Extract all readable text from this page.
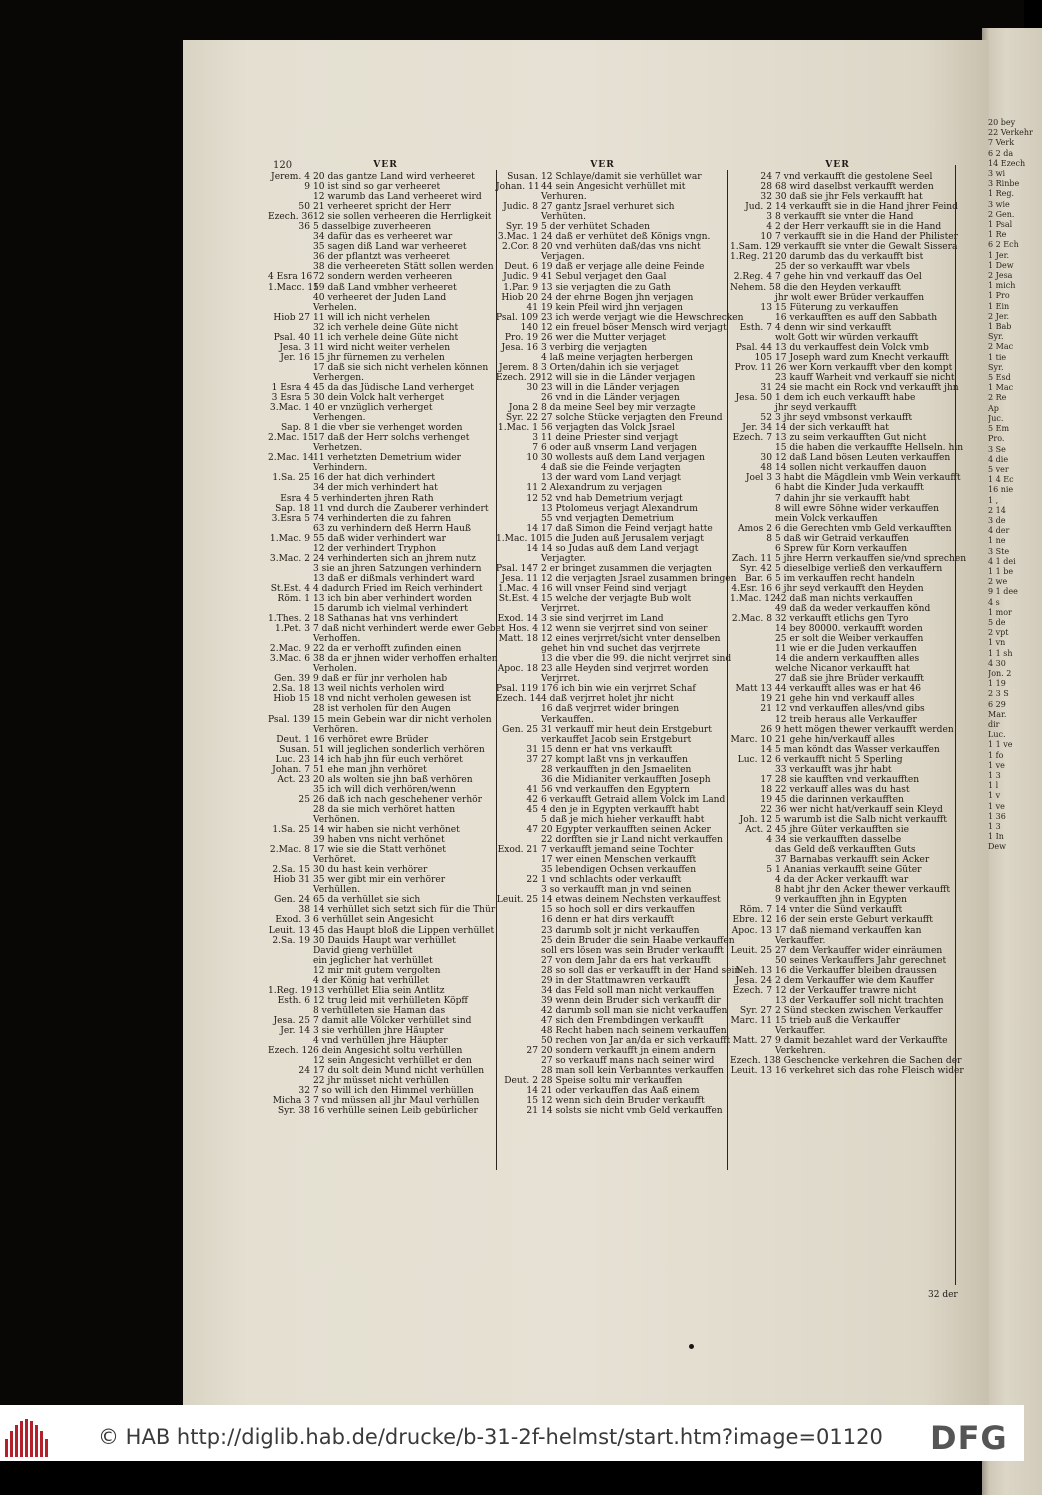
20 bey
22 Verkehr
7 Verk
6 2 da
14 Ezech
3 wi
3 Rinbe
1 Reg.
3 wie
2 Gen.
1 Psal
1 Re
6 2 Ech
1 Jer.
1 Dew
2 Jesa
1 mich
1 Pro
1 Ein
2 Jer.
1 Bab
Syr.
2 Mac
1 tie
Syr.
5 Esd
1 Mac
2 Re
Ap
Juc.
5 Em
Pro.
3 Se
4 die
5 ver
1 4 Ec
16 nie
1 ,
2 14
3 de
4 der
1 ne
3 Ste
4 1 dei
1 1 be
2 we
9 1 dee
4 s
1 mor
5 de
2 vpt
1 vn
1 1 sh
4 30
Jon. 2
1 19
2 3 S
6 29
Mar.
dir
Luc.
1 1 ve
1 fo
1 ve
1 3
1 l
1 v
1 ve
1 36
1 3
1 In
Dew
120	VER
Jerem. 4 20 das gantze Land wird verheeret
9 10 ist sind so gar verheeret
12 warumb das Land verheeret wird
50 21 verheeret spricht der Herr
Ezech. 36 12 sie sollen verheeren die Herrligkeit
36 5 dasselbige zuverheeren
34 dafür das es verheeret war
35 sagen diß Land war verheeret
36 der pflantzt was verheeret
38 die verheereten Stätt sollen werden
4 Esra 16 72 sondern werden verheeren
1.Macc. 15
19 daß Land vmbher verheeret
40 verheeret der Juden Land
Verhelen.
Hiob 27 11 will ich nicht verhelen
32 ich verhele deine Güte nicht
Psal. 40 11 ich verhele deine Güte nicht
Jesa. 3 11 wird nicht weiter verhelen
Jer. 16 15 jhr fürnemen zu verhelen
17 daß sie sich nicht verhelen können
Verhergen.
1 Esra 4 45 da das Jüdische Land verherget
3 Esra 5 30 dein Volck halt verherget
3.Mac. 1 40 er vnzüglich verherget
Verhengen.
Sap. 8 1 die vber sie verhenget worden
2.Mac. 15 17 daß der Herr solchs verhenget
Verhetzen.
2.Mac. 14 11 verhetzten Demetrium wider
Verhindern.
1.Sa. 25 16 der hat dich verhindert
34 der mich verhindert hat
Esra 4 5 verhinderten jhren Rath
Sap. 18 11 vnd durch die Zauberer verhindert
3.Esra 5 74 verhinderten die zu fahren
63 zu verhindern deß Herrn Hauß
1.Mac. 9 55 daß wider verhindert war
12 der verhindert Tryphon
3.Mac. 2 24 verhinderten sich an jhrem nutz
3 sie an jhren Satzungen verhindern
13 daß er dißmals verhindert ward
St.Est. 4 4 dadurch Fried im Reich verhindert
Röm. 1 13 ich bin aber verhindert worden
15 darumb ich vielmal verhindert
1.Thes. 2 18 Sathanas hat vns verhindert
1.Pet. 3 7 daß nicht verhindert werde ewer Gebet
Verhoffen.
2.Mac. 9 22 da er verhofft zufinden einen
3.Mac. 6 38 da er jhnen wider verhoffen erhalten
Verholen.
Gen. 39 9 daß er für jnr verholen hab
2.Sa. 18 13 weil nichts verholen wird
Hiob 15 18 vnd nicht verholen gewesen ist
28 ist verholen für den Augen
Psal. 139 15 mein Gebein war dir nicht verholen
Verhören.
Deut. 1 16 verhöret ewre Brüder
Susan. 51 will jeglichen sonderlich verhören
Luc. 23 14 ich hab jhn für euch verhöret
Johan. 7 51 ehe man jhn verhöret
Act. 23 20 als wolten sie jhn baß verhören
35 ich will dich verhören/wenn
25 26 daß ich nach geschehener verhör
28 da sie mich verhöret hatten
Verhönen.
1.Sa. 25 14 wir haben sie nicht verhönet
39 haben vns nicht verhönet
2.Mac. 8 17 wie sie die Statt verhönet
Verhöret.
2.Sa. 15 30 du hast kein verhörer
Hiob 31 35 wer gibt mir ein verhörer
Verhüllen.
Gen. 24 65 da verhüllet sie sich
38 14 verhüllet sich setzt sich für die Thür
Exod. 3 6 verhüllet sein Angesicht
Leuit. 13 45 das Haupt bloß die Lippen verhüllet
2.Sa. 19 30 Dauids Haupt war verhüllet
David gieng verhüllet
ein jeglicher hat verhüllet
12 mir mit gutem vergolten
4 der König hat verhüllet
1.Reg. 19 13 verhüllet Elia sein Antlitz
Esth. 6 12 trug leid mit verhülleten Köpff
8 verhülleten sie Haman das
Jesa. 25 7 damit alle Völcker verhüllet sind
Jer. 14 3 sie verhüllen jhre Häupter
4 vnd verhüllen jhre Häupter
Ezech. 12 6 dein Angesicht soltu verhüllen
12 sein Angesicht verhüllet er den
24 17 du solt dein Mund nicht verhüllen
22 jhr müsset nicht verhüllen
32 7 so will ich den Himmel verhüllen
Micha 3 7 vnd müssen all jhr Maul verhüllen
Syr. 38 16 verhülle seinen Leib gebürlicher
VER
Susan. 12 Schlaye/damit sie verhüllet war
Johan. 11 44 sein Angesicht verhüllet mit
Verhuren.
Judic. 8 27 gantz Jsrael verhuret sich
Verhüten.
Syr. 19 5 der verhütet Schaden
3.Mac. 1 24 daß er verhütet deß Königs vngn.
2.Cor. 8 20 vnd verhüten daß/das vns nicht
Verjagen.
Deut. 6 19 daß er verjage alle deine Feinde
Judic. 9 41 Sebul verjaget den Gaal
1.Par. 9 13 sie verjagten die zu Gath
Hiob 20 24 der ehrne Bogen jhn verjagen
41 19 kein Pfeil wird jhn verjagen
Psal. 109 23 ich werde verjagt wie die Hewschrecken
140 12 ein freuel böser Mensch wird verjagt
Pro. 19 26 wer die Mutter verjaget
Jesa. 16 3 verbirg die verjagten
4 laß meine verjagten herbergen
Jerem. 8 3 Orten/dahin ich sie verjaget
Ezech. 29 12 will sie in die Länder verjagen
30 23 will in die Länder verjagen
26 vnd in die Länder verjagen
Jona 2 8 da meine Seel bey mir verzagte
Syr. 22 27 solche Stücke verjagten den Freund
1.Mac. 1 56 verjagten das Volck Jsrael
3 11 deine Priester sind verjagt
7 6 oder auß vnserm Land verjagen
10 30 wollests auß dem Land verjagen
4 daß sie die Feinde verjagten
13 der ward vom Land verjagt
11 2 Alexandrum zu verjagen
12 52 vnd hab Demetrium verjagt
13 Ptolomeus verjagt Alexandrum
55 vnd verjagten Demetrium
14 17 daß Simon die Feind verjagt hatte
1.Mac. 10 15 die Juden auß Jerusalem verjagt
14 14 so Judas auß dem Land verjagt
Verjagter.
Psal. 147 2 er bringet zusammen die verjagten
Jesa. 11 12 die verjagten Jsrael zusammen bringen
1.Mac. 4 16 will vnser Feind sind verjagt
St.Est. 4 15 welche der verjagte Bub wolt
Verjrret.
Exod. 14 3 sie sind verjrret im Land
Hos. 4 12 wenn sie verjrret sind von seiner
Matt. 18 12 eines verjrret/sicht vnter denselben
gehet hin vnd suchet das verjrrete
13 die vber die 99. die nicht verjrret sind
Apoc. 18 23 alle Heyden sind verjrret worden
Verjrret.
Psal. 119 176 ich bin wie ein verjrret Schaf
Ezech. 14 4 daß verjrret holet jhr nicht
16 daß verjrret wider bringen
Verkauffen.
Gen. 25 31 verkauff mir heut dein Erstgeburt
verkauffet Jacob sein Erstgeburt
31 15 denn er hat vns verkaufft
37 27 kompt laßt vns jn verkauffen
28 verkaufften jn den Jsmaeliten
36 die Midianiter verkaufften Joseph
41 56 vnd verkauffen den Egyptern
42 6 verkaufft Getraid allem Volck im Land
45 4 den je in Egypten verkaufft habt
5 daß je mich hieher verkaufft habt
47 20 Egypter verkaufften seinen Acker
22 dorfften sie jr Land nicht verkauffen
Exod. 21 7 verkaufft jemand seine Tochter
17 wer einen Menschen verkaufft
35 lebendigen Ochsen verkauffen
22 1 vnd schlachts oder verkaufft
3 so verkaufft man jn vnd seinen
Leuit. 25 14 etwas deinem Nechsten verkauffest
15 so hoch soll er dirs verkauffen
16 denn er hat dirs verkaufft
23 darumb solt jr nicht verkauffen
25 dein Bruder die sein Haabe verkauffen
soll ers lösen was sein Bruder verkaufft
27 von dem Jahr da ers hat verkaufft
28 so soll das er verkaufft in der Hand sein
29 in der Stattmawren verkaufft
34 das Feld soll man nicht verkauffen
39 wenn dein Bruder sich verkaufft dir
42 darumb soll man sie nicht verkauffen
47 sich den Frembdingen verkaufft
48 Recht haben nach seinem verkauffen
50 rechen von Jar an/da er sich verkaufft
27 20 sondern verkaufft jn einem andern
27 so verkauff mans nach seiner wird
28 man soll kein Verbanntes verkauffen
Deut. 2 28 Speise soltu mir verkauffen
14 21 oder verkauffen das Aaß einem
15 12 wenn sich dein Bruder verkaufft
21 14 solsts sie nicht vmb Geld verkauffen
VER
24 7 vnd verkaufft die gestolene Seel
28 68 wird daselbst verkaufft werden
32 30 daß sie jhr Fels verkaufft hat
Jud. 2 14 verkaufft sie in die Hand jhrer Feind
3 8 verkaufft sie vnter die Hand
4 2 der Herr verkaufft sie in die Hand
10 7 verkaufft sie in die Hand der Philister
1.Sam. 12
9 verkaufft sie vnter die Gewalt Sissera
1.Reg. 21 20 darumb das du verkaufft bist
25 der so verkaufft war vbels
2.Reg. 4 7 gehe hin vnd verkauff das Oel
Nehem. 5 8 die den Heyden verkaufft
jhr wolt ewer Brüder verkauffen
13 15 Füterung zu verkauffen
16 verkaufften es auff den Sabbath
Esth. 7 4 denn wir sind verkaufft
wolt Gott wir würden verkaufft
Psal. 44 13 du verkauffest dein Volck vmb
105 17 Joseph ward zum Knecht verkaufft
Prov. 11 26 wer Korn verkaufft vber den kompt
23 kauff Warheit vnd verkauff sie nicht
31 24 sie macht ein Rock vnd verkaufft jhn
Jesa. 50 1 dem ich euch verkaufft habe
jhr seyd verkaufft
52 3 jhr seyd vmbsonst verkaufft
Jer. 34 14 der sich verkaufft hat
Ezech. 7 13 zu seim verkaufften Gut nicht
15 die haben die verkauffte Hellseln. hin
30 12 daß Land bösen Leuten verkauffen
48 14 sollen nicht verkauffen dauon
Joel 3 3 habt die Mägdlein vmb Wein verkaufft
6 habt die Kinder Juda verkaufft
7 dahin jhr sie verkaufft habt
8 will ewre Söhne wider verkauffen
mein Volck verkauffen
Amos 2 6 die Gerechten vmb Geld verkaufften
8 5 daß wir Getraid verkauffen
6 Sprew für Korn verkauffen
Zach. 11 5 jhre Herrn verkauffen sie/vnd sprechen
Syr. 42 5 dieselbige verließ den verkauffern
Bar. 6 5 im verkauffen recht handeln
4.Esr. 16 6 jhr seyd verkaufft den Heyden
1.Mac. 12 42 daß man nichts verkauffen
49 daß da weder verkauffen könd
2.Mac. 8 32 verkaufft etlichs gen Tyro
14 bey 80000. verkaufft worden
25 er solt die Weiber verkauffen
11 wie er die Juden verkauffen
14 die andern verkaufften alles
welche Nicanor verkaufft hat
27 daß sie jhre Brüder verkaufft
Matt 13 44 verkaufft alles was er hat 46
19 21 gehe hin vnd verkauff alles
21 12 vnd verkauffen alles/vnd gibs
12 treib heraus alle Verkauffer
26 9 hett mögen thewer verkaufft werden
Marc. 10 21 gehe hin/verkauff alles
14 5 man köndt das Wasser verkauffen
Luc. 12 6 verkaufft nicht 5 Sperling
33 verkaufft was jhr habt
17 28 sie kaufften vnd verkaufften
18 22 verkauff alles was du hast
19 45 die darinnen verkaufften
22 36 wer nicht hat/verkauff sein Kleyd
Joh. 12 5 warumb ist die Salb nicht verkaufft
Act. 2 45 jhre Güter verkaufften sie
4 34 sie verkaufften dasselbe
das Geld deß verkaufften Guts
37 Barnabas verkaufft sein Acker
5 1 Ananias verkaufft seine Güter
4 da der Acker verkaufft war
8 habt jhr den Acker thewer verkaufft
9 verkaufften jhn in Egypten
Röm. 7 14 vnter die Sünd verkaufft
Ebre. 12 16 der sein erste Geburt verkaufft
Apoc. 13 17 daß niemand verkauffen kan
Verkauffer.
Leuit. 25 27 dem Verkauffer wider einräumen
50 seines Verkauffers Jahr gerechnet
Neh. 13 16 die Verkauffer bleiben draussen
Jesa. 24 2 dem Verkauffer wie dem Kauffer
Ezech. 7 12 der Verkauffer trawre nicht
13 der Verkauffer soll nicht trachten
Syr. 27 2 Sünd stecken zwischen Verkauffer
Marc. 11 15 trieb auß die Verkauffer
Verkauffer.
Matt. 27 9 damit bezahlet ward der Verkauffte
Verkehren.
Ezech. 13 8 Geschencke verkehren die Sachen der
Leuit. 13 16 verkehret sich das rohe Fleisch wider
32 der
© HAB http://diglib.hab.de/drucke/b-31-2f-helmst/start.htm?image=01120 DFG
